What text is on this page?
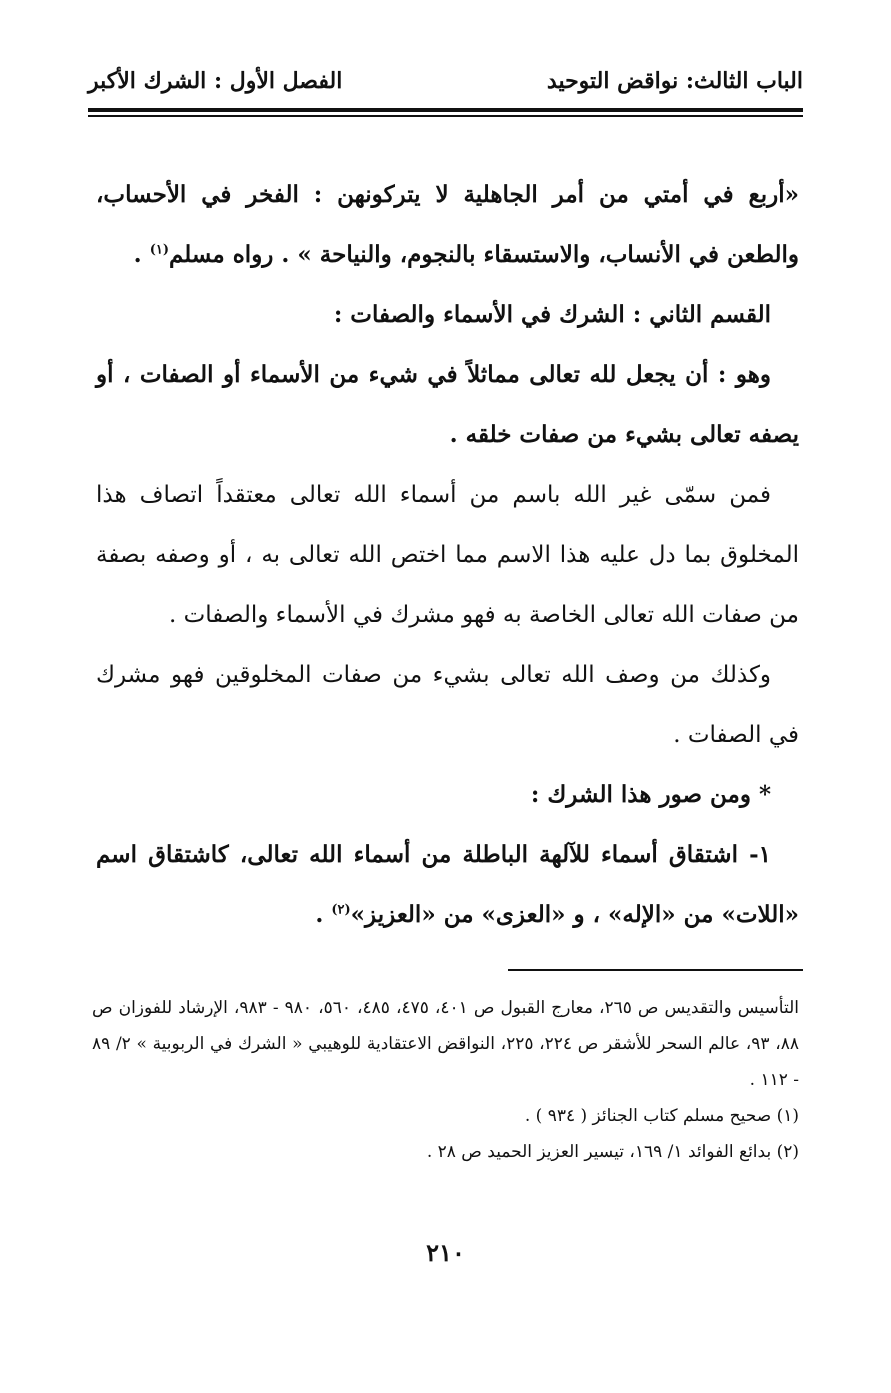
الباب الثالث: نواقض التوحيد
الفصل الأول : الشرك الأكبر

«أربع في أمتي من أمر الجاهلية لا يتركونهن : الفخر في الأحساب، والطعن في الأنساب، والاستسقاء بالنجوم، والنياحة » . رواه مسلم$^{(١)}$ .

القسم الثاني : الشرك في الأسماء والصفات :

وهو : أن يجعل لله تعالى مماثلاً في شيء من الأسماء أو الصفات ، أو يصفه تعالى بشيء من صفات خلقه .

فمن سمّى غير الله باسم من أسماء الله تعالى معتقداً اتصاف هذا المخلوق بما دل عليه هذا الاسم مما اختص الله تعالى به ، أو وصفه بصفة من صفات الله تعالى الخاصة به فهو مشرك في الأسماء والصفات .

وكذلك من وصف الله تعالى بشيء من صفات المخلوقين فهو مشرك في الصفات .

* ومن صور هذا الشرك :

١- اشتقاق أسماء للآلهة الباطلة من أسماء الله تعالى، كاشتقاق اسم «اللات» من «الإله» ، و «العزى» من «العزيز»$^{(٢)}$ .

التأسيس والتقديس ص ٢٦٥، معارج القبول ص ٤٠١، ٤٧٥، ٤٨٥، ٥٦٠، ٩٨٠ - ٩٨٣، الإرشاد للفوزان ص ٨٨، ٩٣، عالم السحر للأشقر ص ٢٢٤، ٢٢٥، النواقض الاعتقادية للوهيبي « الشرك في الربوبية » ٢/ ٨٩ - ١١٢ .

(١) صحيح مسلم كتاب الجنائز ( ٩٣٤ ) .

(٢) بدائع الفوائد ١/ ١٦٩، تيسير العزيز الحميد ص ٢٨ .

٢١٠
